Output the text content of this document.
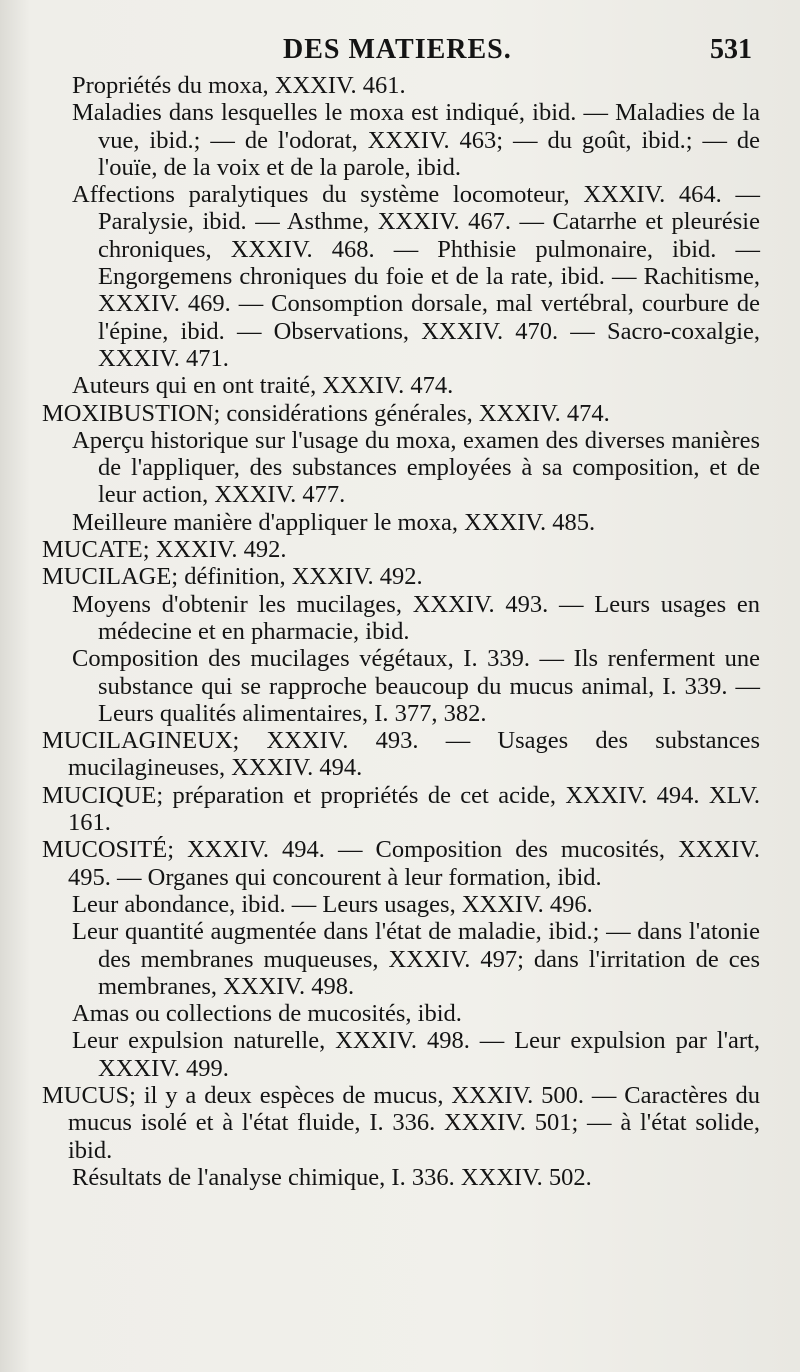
DES MATIERES.	531
Propriétés du moxa, XXXIV. 461.
Maladies dans lesquelles le moxa est indiqué, ibid. — Maladies de la vue, ibid.; — de l'odorat, XXXIV. 463; — du goût, ibid.; — de l'ouïe, de la voix et de la parole, ibid.
Affections paralytiques du système locomoteur, XXXIV. 464. — Paralysie, ibid. — Asthme, XXXIV. 467. — Catarrhe et pleurésie chroniques, XXXIV. 468. — Phthisie pulmonaire, ibid. — Engorgemens chroniques du foie et de la rate, ibid. — Rachitisme, XXXIV. 469. — Consomption dorsale, mal vertébral, courbure de l'épine, ibid. — Observations, XXXIV. 470. — Sacro-coxalgie, XXXIV. 471.
Auteurs qui en ont traité, XXXIV. 474.
MOXIBUSTION; considérations générales, XXXIV. 474.
Aperçu historique sur l'usage du moxa, examen des diverses manières de l'appliquer, des substances employées à sa composition, et de leur action, XXXIV. 477.
Meilleure manière d'appliquer le moxa, XXXIV. 485.
MUCATE; XXXIV. 492.
MUCILAGE; définition, XXXIV. 492.
Moyens d'obtenir les mucilages, XXXIV. 493. — Leurs usages en médecine et en pharmacie, ibid.
Composition des mucilages végétaux, I. 339. — Ils renferment une substance qui se rapproche beaucoup du mucus animal, I. 339. — Leurs qualités alimentaires, I. 377, 382.
MUCILAGINEUX; XXXIV. 493. — Usages des substances mucilagineuses, XXXIV. 494.
MUCIQUE; préparation et propriétés de cet acide, XXXIV. 494. XLV. 161.
MUCOSITÉ; XXXIV. 494. — Composition des mucosités, XXXIV. 495. — Organes qui concourent à leur formation, ibid.
Leur abondance, ibid. — Leurs usages, XXXIV. 496.
Leur quantité augmentée dans l'état de maladie, ibid.; — dans l'atonie des membranes muqueuses, XXXIV. 497; dans l'irritation de ces membranes, XXXIV. 498.
Amas ou collections de mucosités, ibid.
Leur expulsion naturelle, XXXIV. 498. — Leur expulsion par l'art, XXXIV. 499.
MUCUS; il y a deux espèces de mucus, XXXIV. 500. — Caractères du mucus isolé et à l'état fluide, I. 336. XXXIV. 501; — à l'état solide, ibid.
Résultats de l'analyse chimique, I. 336. XXXIV. 502.
